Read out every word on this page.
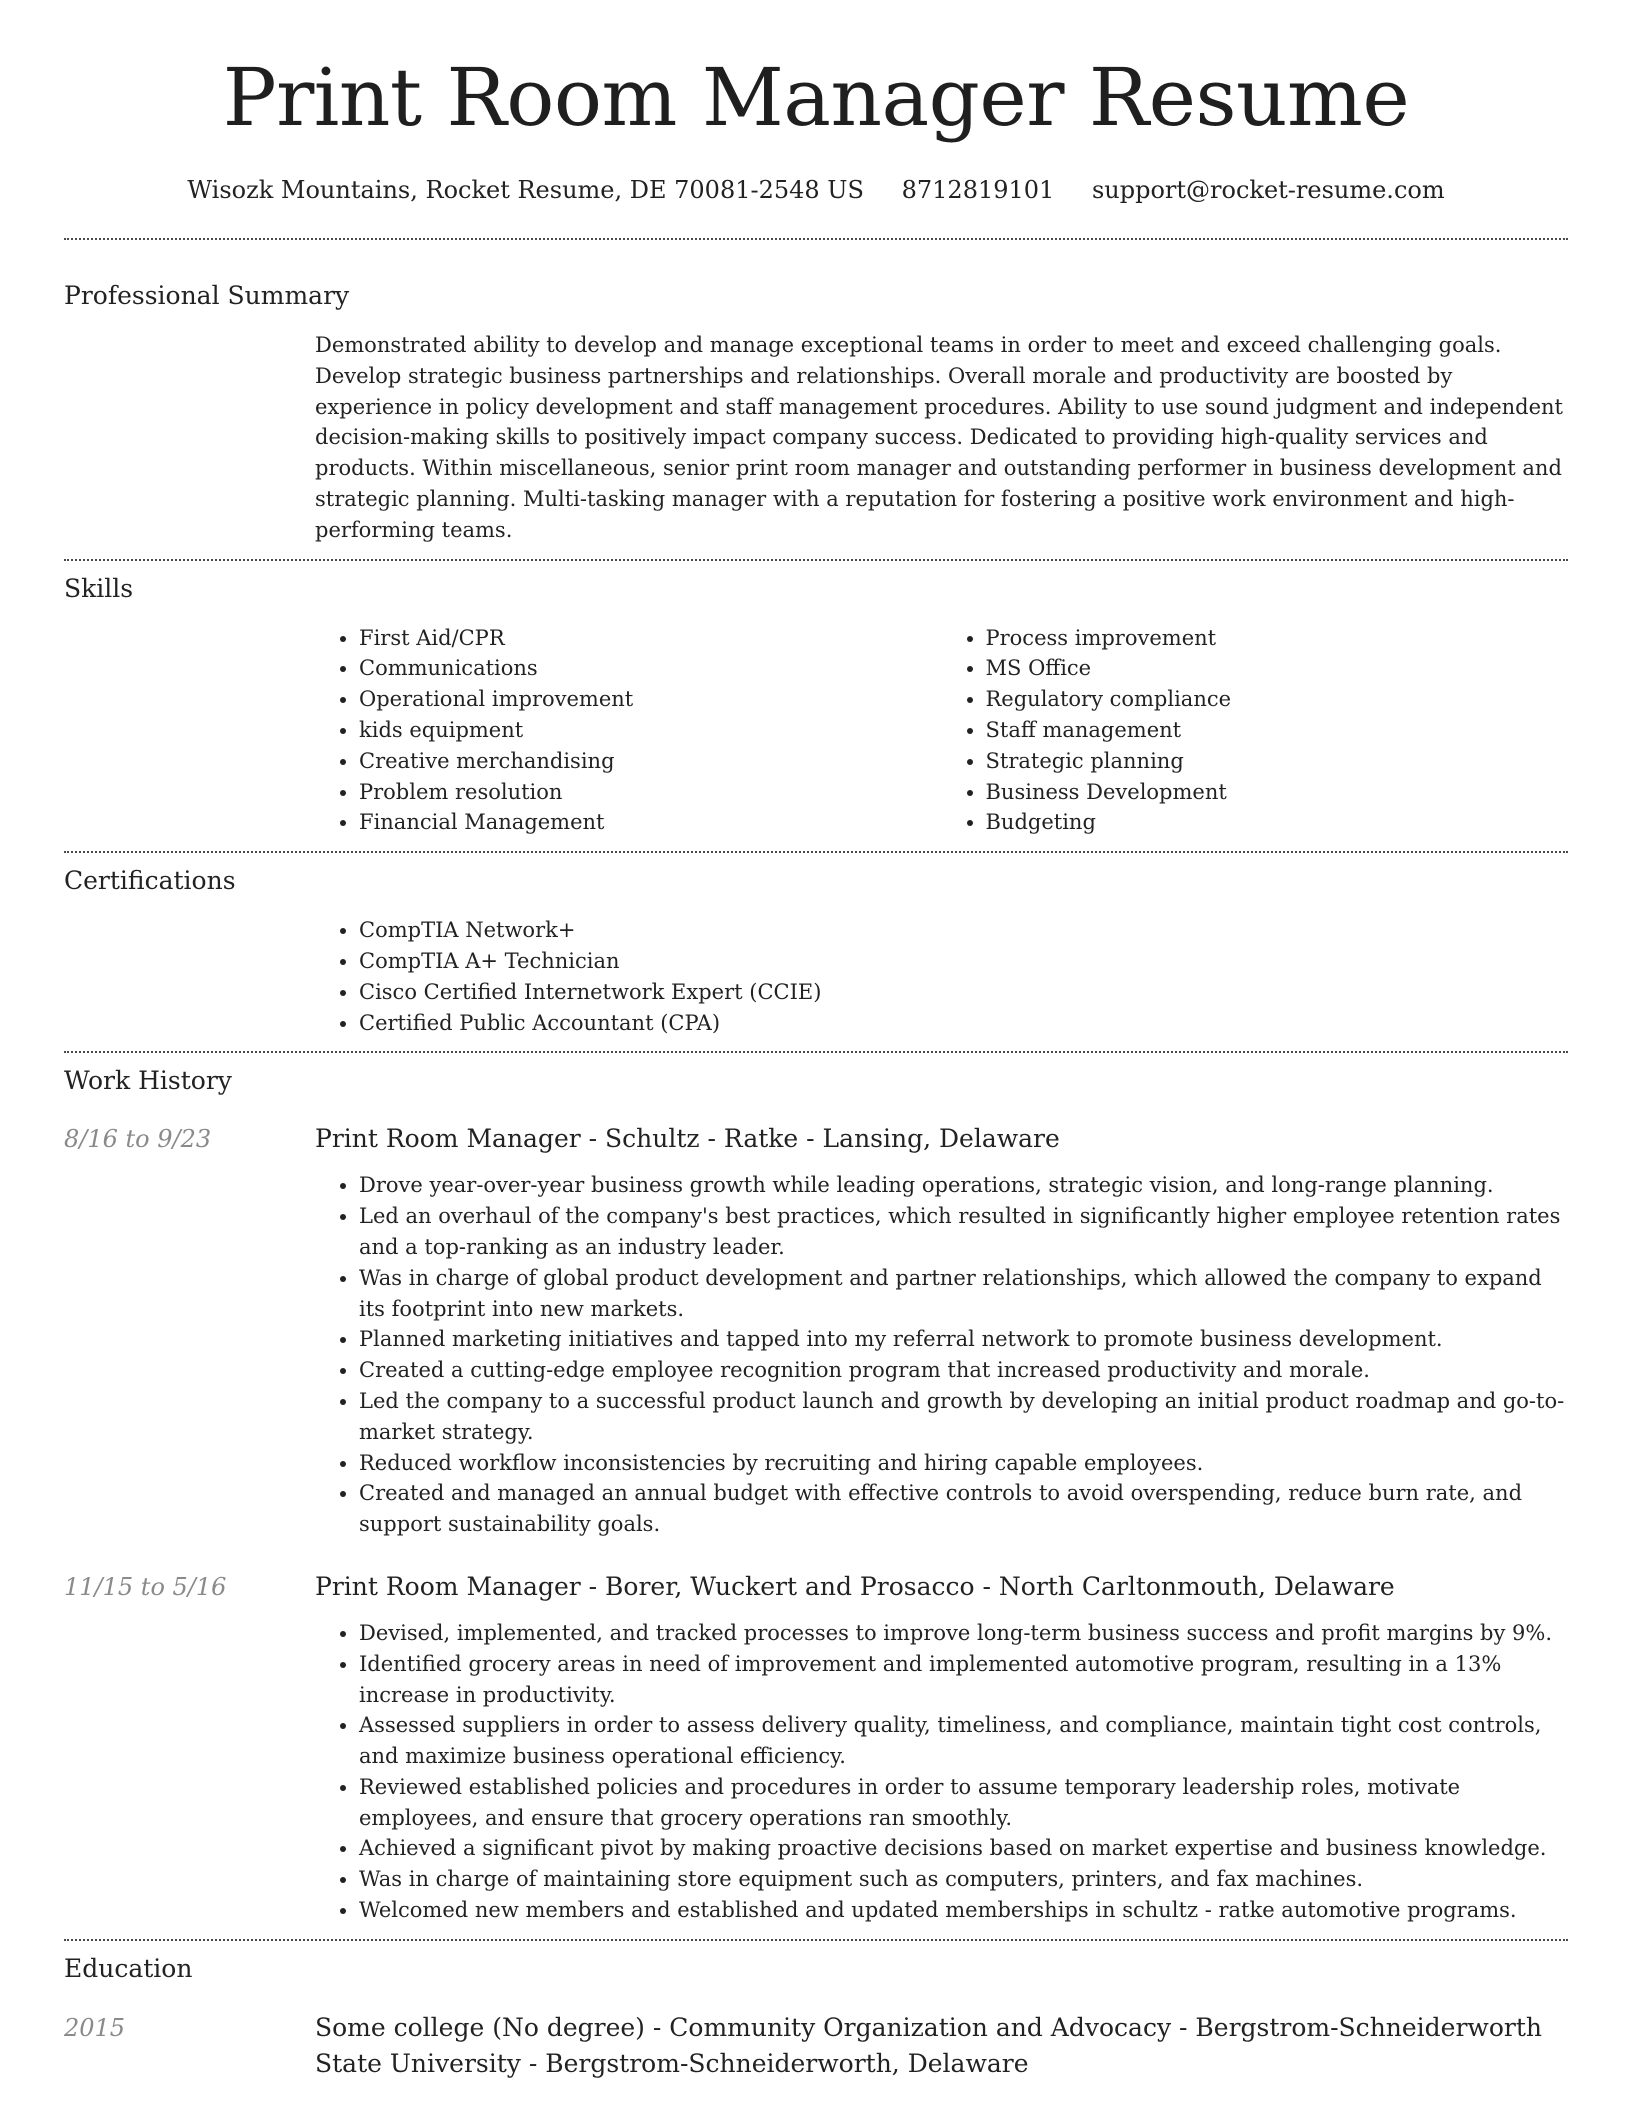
Print Room Manager Resume
Wisozk Mountains, Rocket Resume, DE 70081-2548 US 8712819101 support@rocket-resume.com
Professional Summary

Demonstrated ability to develop and manage exceptional teams in order to meet and exceed challenging goals. Develop strategic business partnerships and relationships. Overall morale and productivity are boosted by experience in policy development and staff management procedures. Ability to use sound judgment and independent decision-making skills to positively impact company success. Dedicated to providing high-quality services and products. Within miscellaneous, senior print room manager and outstanding performer in business development and strategic planning. Multi-tasking manager with a reputation for fostering a positive work environment and high-performing teams.

Skills
• First Aid/CPR
• Communications
• Operational improvement
• kids equipment
• Creative merchandising
• Problem resolution
• Financial Management
• Process improvement
• MS Office
• Regulatory compliance
• Staff management
• Strategic planning
• Business Development
• Budgeting
Certifications
• CompTIA Network+
• CompTIA A+ Technician
• Cisco Certified Internetwork Expert (CCIE)
• Certified Public Accountant (CPA)
Work History
8/16 to 9/23	Print Room Manager - Schultz - Ratke - Lansing, Delaware
• Drove year-over-year business growth while leading operations, strategic vision, and long-range planning.
• Led an overhaul of the company's best practices, which resulted in significantly higher employee retention rates and a top-ranking as an industry leader.
• Was in charge of global product development and partner relationships, which allowed the company to expand its footprint into new markets.
• Planned marketing initiatives and tapped into my referral network to promote business development.
• Created a cutting-edge employee recognition program that increased productivity and morale.
• Led the company to a successful product launch and growth by developing an initial product roadmap and go-to-market strategy.
• Reduced workflow inconsistencies by recruiting and hiring capable employees.
• Created and managed an annual budget with effective controls to avoid overspending, reduce burn rate, and support sustainability goals.
11/15 to 5/16	Print Room Manager - Borer, Wuckert and Prosacco - North Carltonmouth, Delaware
• Devised, implemented, and tracked processes to improve long-term business success and profit margins by 9%.
• Identified grocery areas in need of improvement and implemented automotive program, resulting in a 13% increase in productivity.
• Assessed suppliers in order to assess delivery quality, timeliness, and compliance, maintain tight cost controls, and maximize business operational efficiency.
• Reviewed established policies and procedures in order to assume temporary leadership roles, motivate employees, and ensure that grocery operations ran smoothly.
• Achieved a significant pivot by making proactive decisions based on market expertise and business knowledge.
• Was in charge of maintaining store equipment such as computers, printers, and fax machines.
• Welcomed new members and established and updated memberships in schultz - ratke automotive programs.
Education
2015	Some college (No degree) - Community Organization and Advocacy - Bergstrom-Schneiderworth State University - Bergstrom-Schneiderworth, Delaware
